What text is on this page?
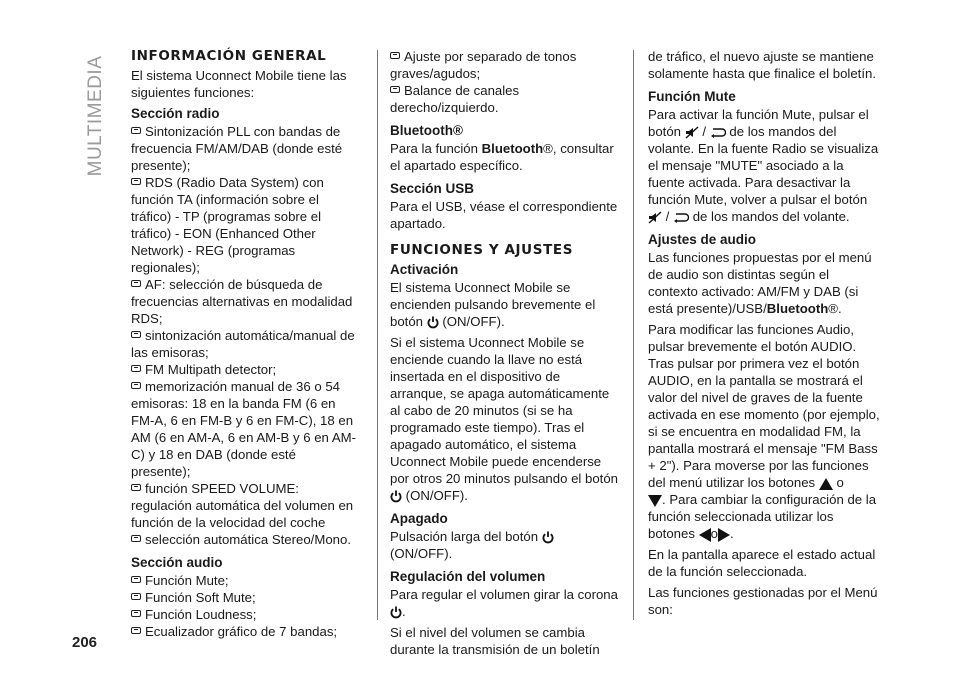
MULTIMEDIA
206
INFORMACIÓN GENERAL

El sistema Uconnect Mobile tiene las siguientes funciones:

Sección radio

Sintonización PLL con bandas de frecuencia FM/AM/DAB (donde esté presente);

RDS (Radio Data System) con función TA (información sobre el tráfico) - TP (programas sobre el tráfico) - EON (Enhanced Other Network) - REG (programas regionales);

AF: selección de búsqueda de frecuencias alternativas en modalidad RDS;

sintonización automática/manual de las emisoras;

FM Multipath detector;

memorización manual de 36 o 54 emisoras: 18 en la banda FM (6 en FM-A, 6 en FM-B y 6 en FM-C), 18 en AM (6 en AM-A, 6 en AM-B y 6 en AM-C) y 18 en DAB (donde esté presente);

función SPEED VOLUME: regulación automática del volumen en función de la velocidad del coche

selección automática Stereo/Mono.

Sección audio

Función Mute;

Función Soft Mute;

Función Loudness;

Ecualizador gráfico de 7 bandas;

Ajuste por separado de tonos graves/agudos;

Balance de canales derecho/izquierdo.

Bluetooth®

Para la función Bluetooth®, consultar el apartado específico.

Sección USB

Para el USB, véase el correspondiente apartado.

FUNCIONES Y AJUSTES
Activación

El sistema Uconnect Mobile se encienden pulsando brevemente el botón (ON/OFF).

Si el sistema Uconnect Mobile se enciende cuando la llave no está insertada en el dispositivo de arranque, se apaga automáticamente al cabo de 20 minutos (si se ha programado este tiempo). Tras el apagado automático, el sistema Uconnect Mobile puede encenderse por otros 20 minutos pulsando el botón  (ON/OFF).

Apagado

Pulsación larga del botón  (ON/OFF).

Regulación del volumen

Para regular el volumen girar la corona
.

Si el nivel del volumen se cambia durante la transmisión de un boletín

de tráfico, el nuevo ajuste se mantiene solamente hasta que finalice el boletín.

Función Mute

Para activar la función Mute, pulsar el botón / de los mandos del volante. En la fuente Radio se visualiza el mensaje "MUTE" asociado a la fuente activada. Para desactivar la función Mute, volver a pulsar el botón
/ de los mandos del volante.

Ajustes de audio

Las funciones propuestas por el menú de audio son distintas según el contexto activado: AM/FM y DAB (si está presente)/USB/Bluetooth®.

Para modificar las funciones Audio, pulsar brevemente el botón AUDIO. Tras pulsar por primera vez el botón AUDIO, en la pantalla se mostrará el valor del nivel de graves de la fuente activada en ese momento (por ejemplo, si se encuentra en modalidad FM, la pantalla mostrará el mensaje "FM Bass + 2"). Para moverse por las funciones del menú utilizar los botones o
. Para cambiar la configuración de la función seleccionada utilizar los botones o .

En la pantalla aparece el estado actual de la función seleccionada.

Las funciones gestionadas por el Menú son:
